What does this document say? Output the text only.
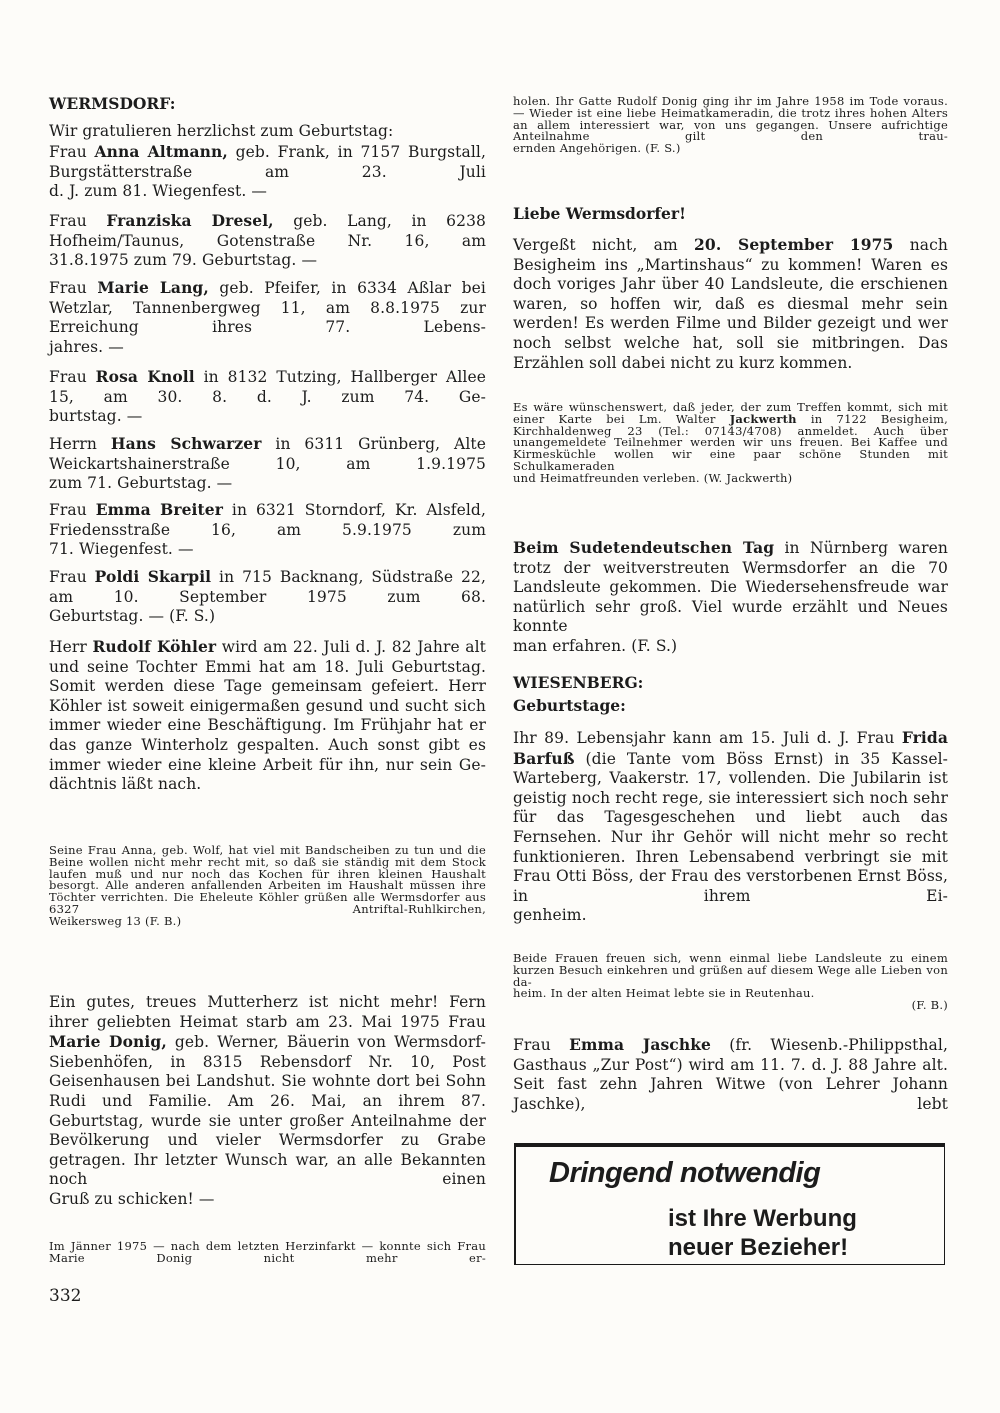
WERMSDORF:

Wir gratulieren herzlichst zum Geburtstag:

Frau Anna Altmann, geb. Frank, in 7157 Burgstall, Burgstätterstraße am 23. Juli
d. J. zum 81. Wiegenfest. —

Frau Franziska Dresel, geb. Lang, in 6238 Hofheim/Taunus, Gotenstraße Nr. 16, am
31.8.1975 zum 79. Geburtstag. —

Frau Marie Lang, geb. Pfeifer, in 6334 Aßlar bei Wetzlar, Tannenbergweg 11, am 8.8.1975 zur Erreichung ihres 77. Lebens-
jahres. —

Frau Rosa Knoll in 8132 Tutzing, Hallberger Allee 15, am 30. 8. d. J. zum 74. Ge-
burtstag. —

Herrn Hans Schwarzer in 6311 Grünberg, Alte Weickartshainerstraße 10, am 1.9.1975
zum 71. Geburtstag. —

Frau Emma Breiter in 6321 Storndorf, Kr. Alsfeld, Friedensstraße 16, am 5.9.1975 zum
71. Wiegenfest. —

Frau Poldi Skarpil in 715 Backnang, Südstraße 22, am 10. September 1975 zum 68.
Geburtstag. — (F. S.)

Herr Rudolf Köhler wird am 22. Juli d. J. 82 Jahre alt und seine Tochter Emmi hat am 18. Juli Geburtstag. Somit werden diese Tage gemeinsam gefeiert. Herr Köhler ist soweit einigermaßen gesund und sucht sich immer wieder eine Beschäftigung. Im Frühjahr hat er das ganze Winterholz gespalten. Auch sonst gibt es immer wieder eine kleine Arbeit für ihn, nur sein Ge-
dächtnis läßt nach.

Seine Frau Anna, geb. Wolf, hat viel mit Bandscheiben zu tun und die Beine wollen nicht mehr recht mit, so daß sie ständig mit dem Stock laufen muß und nur noch das Kochen für ihren kleinen Haushalt besorgt. Alle anderen anfallenden Arbeiten im Haushalt müssen ihre Töchter verrichten. Die Eheleute Köhler grüßen alle Wermsdorfer aus 6327 Antriftal-Ruhlkirchen,
Weikersweg 13 (F. B.)

Ein gutes, treues Mutterherz ist nicht mehr! Fern ihrer geliebten Heimat starb am 23. Mai 1975 Frau Marie Donig, geb. Werner, Bäuerin von Wermsdorf-Siebenhöfen, in 8315 Rebensdorf Nr. 10, Post Geisenhausen bei Landshut. Sie wohnte dort bei Sohn Rudi und Familie. Am 26. Mai, an ihrem 87. Geburtstag, wurde sie unter großer Anteilnahme der Bevölkerung und vieler Wermsdorfer zu Grabe getragen. Ihr letzter Wunsch war, an alle Bekannten noch einen
Gruß zu schicken! —

Im Jänner 1975 — nach dem letzten Herzinfarkt — konnte sich Frau Marie Donig nicht mehr er-

332

holen. Ihr Gatte Rudolf Donig ging ihr im Jahre 1958 im Tode voraus. — Wieder ist eine liebe Heimatkameradin, die trotz ihres hohen Alters an allem interessiert war, von uns gegangen. Unsere aufrichtige Anteilnahme gilt den trau-
ernden Angehörigen. (F. S.)

Liebe Wermsdorfer!

Vergeßt nicht, am 20. September 1975 nach Besigheim ins „Martinshaus“ zu kommen! Waren es doch voriges Jahr über 40 Landsleute, die erschienen waren, so hoffen wir, daß es diesmal mehr sein werden! Es werden Filme und Bilder gezeigt und wer noch selbst welche hat, soll sie mitbringen. Das
Erzählen soll dabei nicht zu kurz kommen.

Es wäre wünschenswert, daß jeder, der zum Treffen kommt, sich mit einer Karte bei Lm. Walter Jackwerth in 7122 Besigheim, Kirchhaldenweg 23 (Tel.: 07143/4708) anmeldet. Auch über unangemeldete Teilnehmer werden wir uns freuen. Bei Kaffee und Kirmesküchle wollen wir eine paar schöne Stunden mit Schulkameraden
und Heimatfreunden verleben. (W. Jackwerth)

Beim Sudetendeutschen Tag in Nürnberg waren trotz der weitverstreuten Wermsdorfer an die 70 Landsleute gekommen. Die Wiedersehensfreude war natürlich sehr groß. Viel wurde erzählt und Neues konnte
man erfahren. (F. S.)

WIESENBERG:

Geburtstage:

Ihr 89. Lebensjahr kann am 15. Juli d. J. Frau Frida Barfuß (die Tante vom Böss Ernst) in 35 Kassel-Warteberg, Vaakerstr. 17, vollenden. Die Jubilarin ist geistig noch recht rege, sie interessiert sich noch sehr für das Tagesgeschehen und liebt auch das Fernsehen. Nur ihr Gehör will nicht mehr so recht funktionieren. Ihren Lebensabend verbringt sie mit Frau Otti Böss, der Frau des verstorbenen Ernst Böss, in ihrem Ei-
genheim.

Beide Frauen freuen sich, wenn einmal liebe Landsleute zu einem kurzen Besuch einkehren und grüßen auf diesem Wege alle Lieben von da-
heim. In der alten Heimat lebte sie in Reutenhau.
(F. B.)

Frau Emma Jaschke (fr. Wiesenb.-Philippsthal, Gasthaus „Zur Post“) wird am 11. 7. d. J. 88 Jahre alt. Seit fast zehn Jahren Witwe (von Lehrer Johann Jaschke), lebt

Dringend notwendig

ist Ihre Werbung

neuer Bezieher!
